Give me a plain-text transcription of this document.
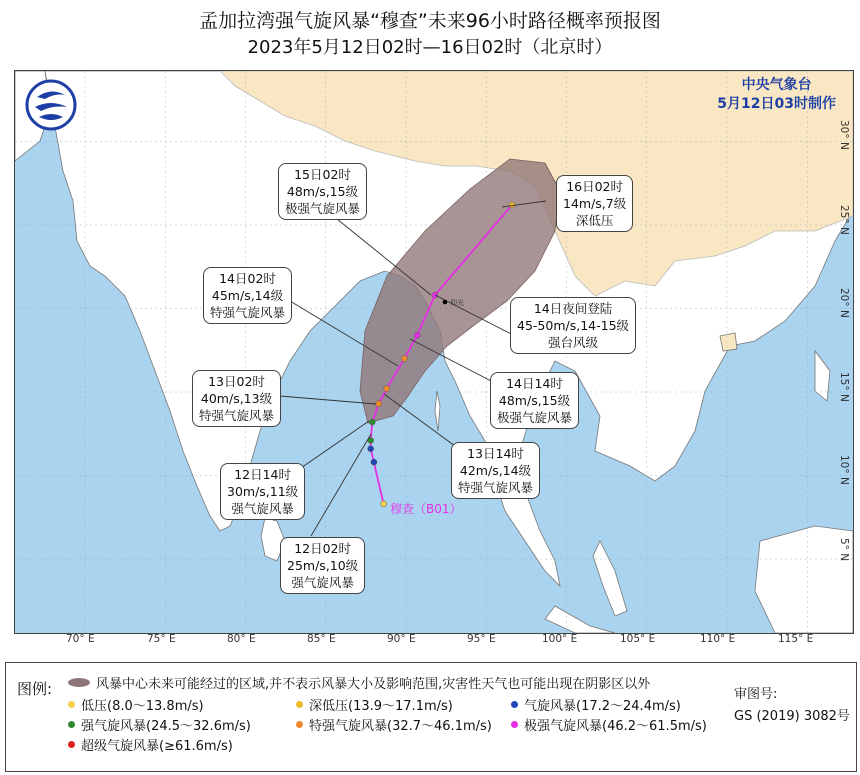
孟加拉湾强气旋风暴“穆查”未来96小时路径概率预报图
2023年5月12日02时—16日02时（北京时）
仰光
穆查（B01）
中央气象台
5月12日03时制作
15日02时
48m/s,15级
极强气旋风暴
16日02时
14m/s,7级
深低压
14日02时
45m/s,14级
特强气旋风暴	14日夜间登陆
45-50m/s,14-15级
强台风级
13日02时
40m/s,13级
特强气旋风暴
14日14时
48m/s,15级
极强气旋风暴
13日14时
42m/s,14级
特强气旋风暴
12日14时
30m/s,11级
强气旋风暴
12日02时
25m/s,10级
强气旋风暴
70° E	75° E	80° E	85° E	90° E	95° E	100° E	105° E	110° E	115° E
30° N
25° N
20° N
15° N
10° N
5° N
图例:	风暴中心未来可能经过的区域,并不表示风暴大小及影响范围,灾害性天气也可能出现在阴影区以外
低压(8.0～13.8m/s)	深低压(13.9～17.1m/s)	气旋风暴(17.2～24.4m/s)
强气旋风暴(24.5～32.6m/s)	特强气旋风暴(32.7～46.1m/s) 极强气旋风暴(46.2～61.5m/s)
超级气旋风暴(≥61.6m/s)
审图号:
GS (2019) 3082号
